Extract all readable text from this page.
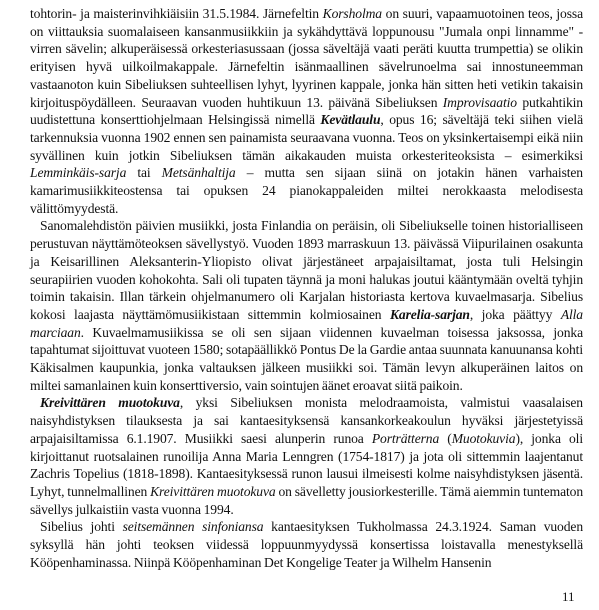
tohtorin- ja maisterinvihkiäisiin 31.5.1984. Järnefeltin Korsholma on suuri, vapaamuotoinen teos, jossa on viittauksia suomalaiseen kansanmusiikkiin ja sykähdyttävä loppunousu "Jumala onpi linnamme" -virren sävelin; alkuperäisessä orkesteriasussaan (jossa säveltäjä vaati peräti kuutta trumpettia) se olikin erityisen hyvä uilkoilmakappale. Järnefeltin isänmaallinen sävelrunoelma sai innostuneemman vastaanoton kuin Sibeliuksen suhteellisen lyhyt, lyyrinen kappale, jonka hän sitten heti vetikin takaisin kirjoituspöydälleen. Seuraavan vuoden huhtikuun 13. päivänä Sibeliuksen Improvisaatio putkahtikin uudistettuna konserttiohjelmaan Helsingissä nimellä Kevätlaulu, opus 16; säveltäjä teki siihen vielä tarkennuksia vuonna 1902 ennen sen painamista seuraavana vuonna. Teos on yksinkertaisempi eikä niin syvällinen kuin jotkin Sibeliuksen tämän aikakauden muista orkesteriteoksista – esimerkiksi Lemminkäis-sarja tai Metsänhaltija – mutta sen sijaan siinä on jotakin hänen varhaisten kamarimusiikkiteostensa tai opuksen 24 pianokappaleiden miltei nerokkaasta melodisesta välittömyydestä.

Sanomalehdistön päivien musiikki, josta Finlandia on peräisin, oli Sibeliukselle toinen historialliseen perustuvan näyttämöteoksen sävellystyö. Vuoden 1893 marraskuun 13. päivässä Viipurilainen osakunta ja Keisarillinen Aleksanterin-Yliopisto olivat järjestäneet arpajaisiltamat, josta tuli Helsingin seurapiirien vuoden kohokohta. Sali oli tupaten täynnä ja moni halukas joutui kääntymään oveltä tyhjin toimin takaisin. Illan tärkein ohjelmanumero oli Karjalan historiasta kertova kuvaelmasarja. Sibelius kokosi laajasta näyttämömusiikistaan sittemmin kolmiosainen Karelia-sarjan, joka päättyy Alla marciaan. Kuvaelmamusiikissa se oli sen sijaan viidennen kuvaelman toisessa jaksossa, jonka tapahtumat sijoittuvat vuoteen 1580; sotapäällikkö Pontus De la Gardie antaa suunnata kanuunansa kohti Käkisalmen kaupunkia, jonka valtauksen jälkeen musiikki soi. Tämän levyn alkuperäinen laitos on miltei samanlainen kuin konserttiversio, vain sointujen äänet eroavat siitä paikoin.

Kreivittären muotokuva, yksi Sibeliuksen monista melodraamoista, valmistui vaasalaisen naisyhdistyksen tilauksesta ja sai kantaesityksensä kansankorkeakoulun hyväksi järjestetyissä arpajaisiltamissa 6.1.1907. Musiikki saesi alunperin runoa Porträtterna (Muotokuvia), jonka oli kirjoittanut ruotsalainen runoilija Anna Maria Lenngren (1754-1817) ja jota oli sittemmin laajentanut Zachris Topelius (1818-1898). Kantaesityksessä runon lausui ilmeisesti kolme naisyhdistyksen jäsentä. Lyhyt, tunnelmallinen Kreivittären muotokuva on sävelletty jousiorkesterille. Tämä aiemmin tuntematon sävellys julkaistiin vasta vuonna 1994.

Sibelius johti seitsemännen sinfoniansa kantaesityksen Tukholmassa 24.3.1924. Saman vuoden syksyllä hän johti teoksen viidessä loppuunmyydyssä konsertissa loistavalla menestyksellä Kööpenhaminassa. Niinpä Kööpenhaminan Det Kongelige Teater ja Wilhelm Hansenin

11
